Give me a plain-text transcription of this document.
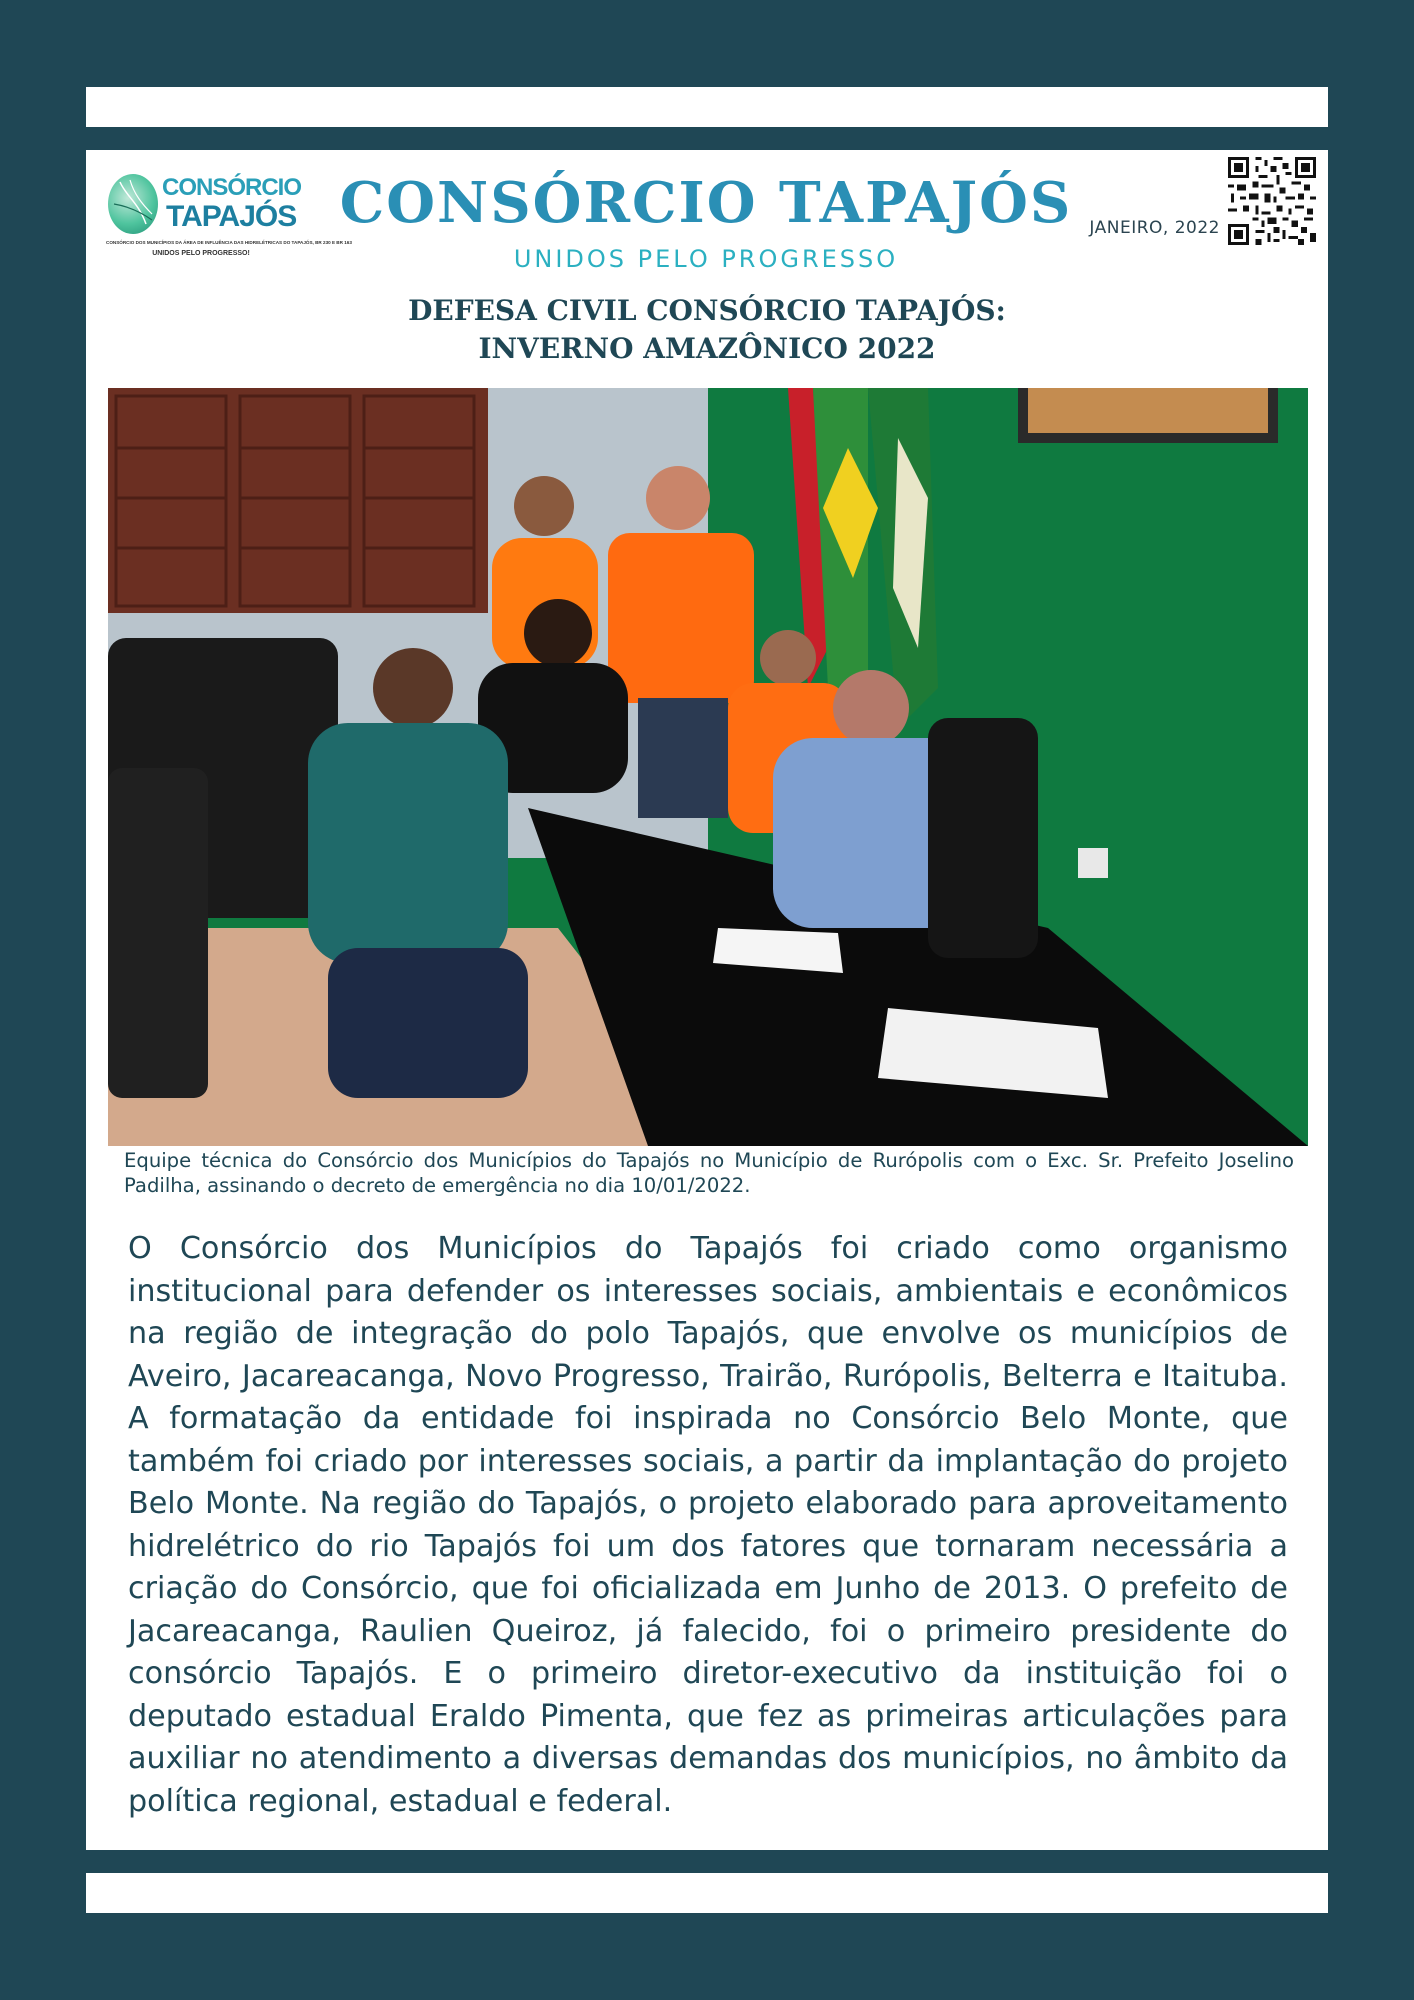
CONSÓRCIO
TAPAJÓS
CONSÓRCIO DOS MUNICÍPIOS DA ÁREA DE INFLUÊNCIA DAS HIDRELÉTRICAS DO TAPAJÓS, BR 230 E BR 163
UNIDOS PELO PROGRESSO!
CONSÓRCIO TAPAJÓS
UNIDOS PELO PROGRESSO
JANEIRO, 2022
DEFESA CIVIL CONSÓRCIO TAPAJÓS:
INVERNO AMAZÔNICO 2022
Equipe técnica do Consórcio dos Municípios do Tapajós no Município de Rurópolis com o Exc. Sr. Prefeito Joselino Padilha, assinando o decreto de emergência no dia 10/01/2022.
O Consórcio dos Municípios do Tapajós foi criado como organismo institucional para defender os interesses sociais, ambientais e econômicos na região de integração do polo Tapajós, que envolve os municípios de Aveiro, Jacareacanga, Novo Progresso, Trairão, Rurópolis, Belterra e Itaituba. A formatação da entidade foi inspirada no Consórcio Belo Monte, que também foi criado por interesses sociais, a partir da implantação do projeto Belo Monte. Na região do Tapajós, o projeto elaborado para aproveitamento hidrelétrico do rio Tapajós foi um dos fatores que tornaram necessária a criação do Consórcio, que foi oficializada em Junho de 2013. O prefeito de Jacareacanga, Raulien Queiroz, já falecido, foi o primeiro presidente do consórcio Tapajós. E o primeiro diretor-executivo da instituição foi o deputado estadual Eraldo Pimenta, que fez as primeiras articulações para auxiliar no atendimento a diversas demandas dos municípios, no âmbito da política regional, estadual e federal.
